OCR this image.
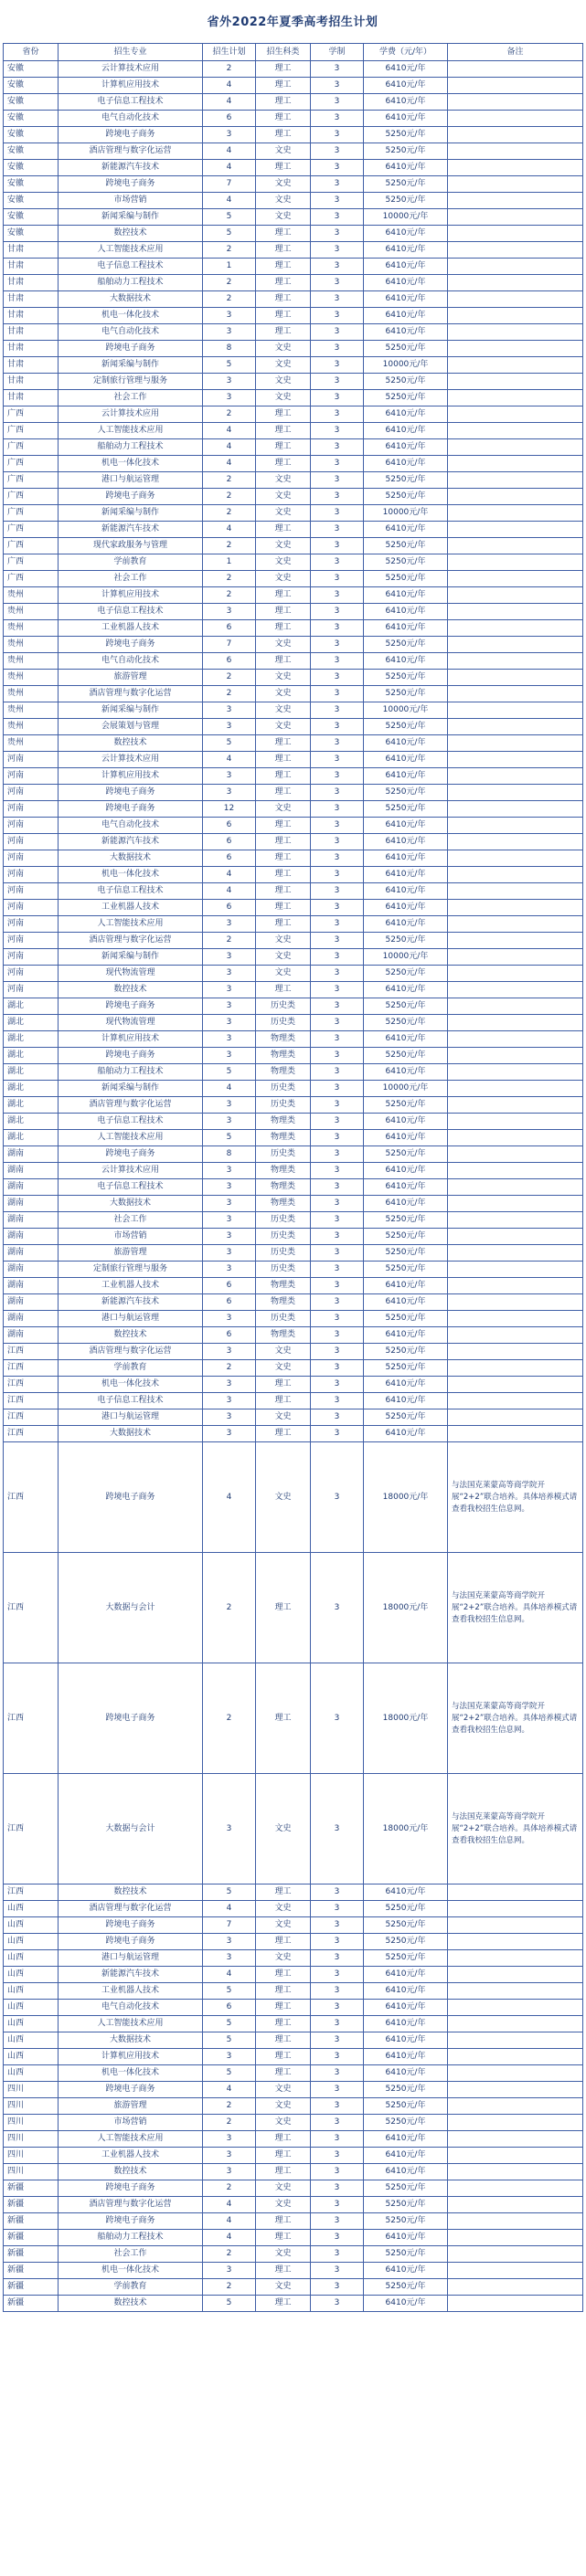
省外2022年夏季高考招生计划
省份	招生专业	招生计划	招生科类	学制	学费（元/年）	备注
安徽	云计算技术应用	2	理工	3	6410元/年	
安徽	计算机应用技术	4	理工	3	6410元/年	
安徽	电子信息工程技术	4	理工	3	6410元/年	
安徽	电气自动化技术	6	理工	3	6410元/年	
安徽	跨境电子商务	3	理工	3	5250元/年	
安徽	酒店管理与数字化运营	4	文史	3	5250元/年	
安徽	新能源汽车技术	4	理工	3	6410元/年	
安徽	跨境电子商务	7	文史	3	5250元/年	
安徽	市场营销	4	文史	3	5250元/年	
安徽	新闻采编与制作	5	文史	3	10000元/年	
安徽	数控技术	5	理工	3	6410元/年	
甘肃	人工智能技术应用	2	理工	3	6410元/年	
甘肃	电子信息工程技术	1	理工	3	6410元/年	
甘肃	船舶动力工程技术	2	理工	3	6410元/年	
甘肃	大数据技术	2	理工	3	6410元/年	
甘肃	机电一体化技术	3	理工	3	6410元/年	
甘肃	电气自动化技术	3	理工	3	6410元/年	
甘肃	跨境电子商务	8	文史	3	5250元/年	
甘肃	新闻采编与制作	5	文史	3	10000元/年	
甘肃	定制旅行管理与服务	3	文史	3	5250元/年	
甘肃	社会工作	3	文史	3	5250元/年	
广西	云计算技术应用	2	理工	3	6410元/年	
广西	人工智能技术应用	4	理工	3	6410元/年	
广西	船舶动力工程技术	4	理工	3	6410元/年	
广西	机电一体化技术	4	理工	3	6410元/年	
广西	港口与航运管理	2	文史	3	5250元/年	
广西	跨境电子商务	2	文史	3	5250元/年	
广西	新闻采编与制作	2	文史	3	10000元/年	
广西	新能源汽车技术	4	理工	3	6410元/年	
广西	现代家政服务与管理	2	文史	3	5250元/年	
广西	学前教育	1	文史	3	5250元/年	
广西	社会工作	2	文史	3	5250元/年	
贵州	计算机应用技术	2	理工	3	6410元/年	
贵州	电子信息工程技术	3	理工	3	6410元/年	
贵州	工业机器人技术	6	理工	3	6410元/年	
贵州	跨境电子商务	7	文史	3	5250元/年	
贵州	电气自动化技术	6	理工	3	6410元/年	
贵州	旅游管理	2	文史	3	5250元/年	
贵州	酒店管理与数字化运营	2	文史	3	5250元/年	
贵州	新闻采编与制作	3	文史	3	10000元/年	
贵州	会展策划与管理	3	文史	3	5250元/年	
贵州	数控技术	5	理工	3	6410元/年	
河南	云计算技术应用	4	理工	3	6410元/年	
河南	计算机应用技术	3	理工	3	6410元/年	
河南	跨境电子商务	3	理工	3	5250元/年	
河南	跨境电子商务	12	文史	3	5250元/年	
河南	电气自动化技术	6	理工	3	6410元/年	
河南	新能源汽车技术	6	理工	3	6410元/年	
河南	大数据技术	6	理工	3	6410元/年	
河南	机电一体化技术	4	理工	3	6410元/年	
河南	电子信息工程技术	4	理工	3	6410元/年	
河南	工业机器人技术	6	理工	3	6410元/年	
河南	人工智能技术应用	3	理工	3	6410元/年	
河南	酒店管理与数字化运营	2	文史	3	5250元/年	
河南	新闻采编与制作	3	文史	3	10000元/年	
河南	现代物流管理	3	文史	3	5250元/年	
河南	数控技术	3	理工	3	6410元/年	
湖北	跨境电子商务	3	历史类	3	5250元/年	
湖北	现代物流管理	3	历史类	3	5250元/年	
湖北	计算机应用技术	3	物理类	3	6410元/年	
湖北	跨境电子商务	3	物理类	3	5250元/年	
湖北	船舶动力工程技术	5	物理类	3	6410元/年	
湖北	新闻采编与制作	4	历史类	3	10000元/年	
湖北	酒店管理与数字化运营	3	历史类	3	5250元/年	
湖北	电子信息工程技术	3	物理类	3	6410元/年	
湖北	人工智能技术应用	5	物理类	3	6410元/年	
湖南	跨境电子商务	8	历史类	3	5250元/年	
湖南	云计算技术应用	3	物理类	3	6410元/年	
湖南	电子信息工程技术	3	物理类	3	6410元/年	
湖南	大数据技术	3	物理类	3	6410元/年	
湖南	社会工作	3	历史类	3	5250元/年	
湖南	市场营销	3	历史类	3	5250元/年	
湖南	旅游管理	3	历史类	3	5250元/年	
湖南	定制旅行管理与服务	3	历史类	3	5250元/年	
湖南	工业机器人技术	6	物理类	3	6410元/年	
湖南	新能源汽车技术	6	物理类	3	6410元/年	
湖南	港口与航运管理	3	历史类	3	5250元/年	
湖南	数控技术	6	物理类	3	6410元/年	
江西	酒店管理与数字化运营	3	文史	3	5250元/年	
江西	学前教育	2	文史	3	5250元/年	
江西	机电一体化技术	3	理工	3	6410元/年	
江西	电子信息工程技术	3	理工	3	6410元/年	
江西	港口与航运管理	3	文史	3	5250元/年	
江西	大数据技术	3	理工	3	6410元/年	
江西	跨境电子商务	4	文史	3	18000元/年	与法国克莱蒙高等商学院开展“2+2”联合培养。具体培养模式请查看我校招生信息网。
江西	大数据与会计	2	理工	3	18000元/年	与法国克莱蒙高等商学院开展“2+2”联合培养。具体培养模式请查看我校招生信息网。
江西	跨境电子商务	2	理工	3	18000元/年	与法国克莱蒙高等商学院开展“2+2”联合培养。具体培养模式请查看我校招生信息网。
江西	大数据与会计	3	文史	3	18000元/年	与法国克莱蒙高等商学院开展“2+2”联合培养。具体培养模式请查看我校招生信息网。
江西	数控技术	5	理工	3	6410元/年	
山西	酒店管理与数字化运营	4	文史	3	5250元/年	
山西	跨境电子商务	7	文史	3	5250元/年	
山西	跨境电子商务	3	理工	3	5250元/年	
山西	港口与航运管理	3	文史	3	5250元/年	
山西	新能源汽车技术	4	理工	3	6410元/年	
山西	工业机器人技术	5	理工	3	6410元/年	
山西	电气自动化技术	6	理工	3	6410元/年	
山西	人工智能技术应用	5	理工	3	6410元/年	
山西	大数据技术	5	理工	3	6410元/年	
山西	计算机应用技术	3	理工	3	6410元/年	
山西	机电一体化技术	5	理工	3	6410元/年	
四川	跨境电子商务	4	文史	3	5250元/年	
四川	旅游管理	2	文史	3	5250元/年	
四川	市场营销	2	文史	3	5250元/年	
四川	人工智能技术应用	3	理工	3	6410元/年	
四川	工业机器人技术	3	理工	3	6410元/年	
四川	数控技术	3	理工	3	6410元/年	
新疆	跨境电子商务	2	文史	3	5250元/年	
新疆	酒店管理与数字化运营	4	文史	3	5250元/年	
新疆	跨境电子商务	4	理工	3	5250元/年	
新疆	船舶动力工程技术	4	理工	3	6410元/年	
新疆	社会工作	2	文史	3	5250元/年	
新疆	机电一体化技术	3	理工	3	6410元/年	
新疆	学前教育	2	文史	3	5250元/年	
新疆	数控技术	5	理工	3	6410元/年	
